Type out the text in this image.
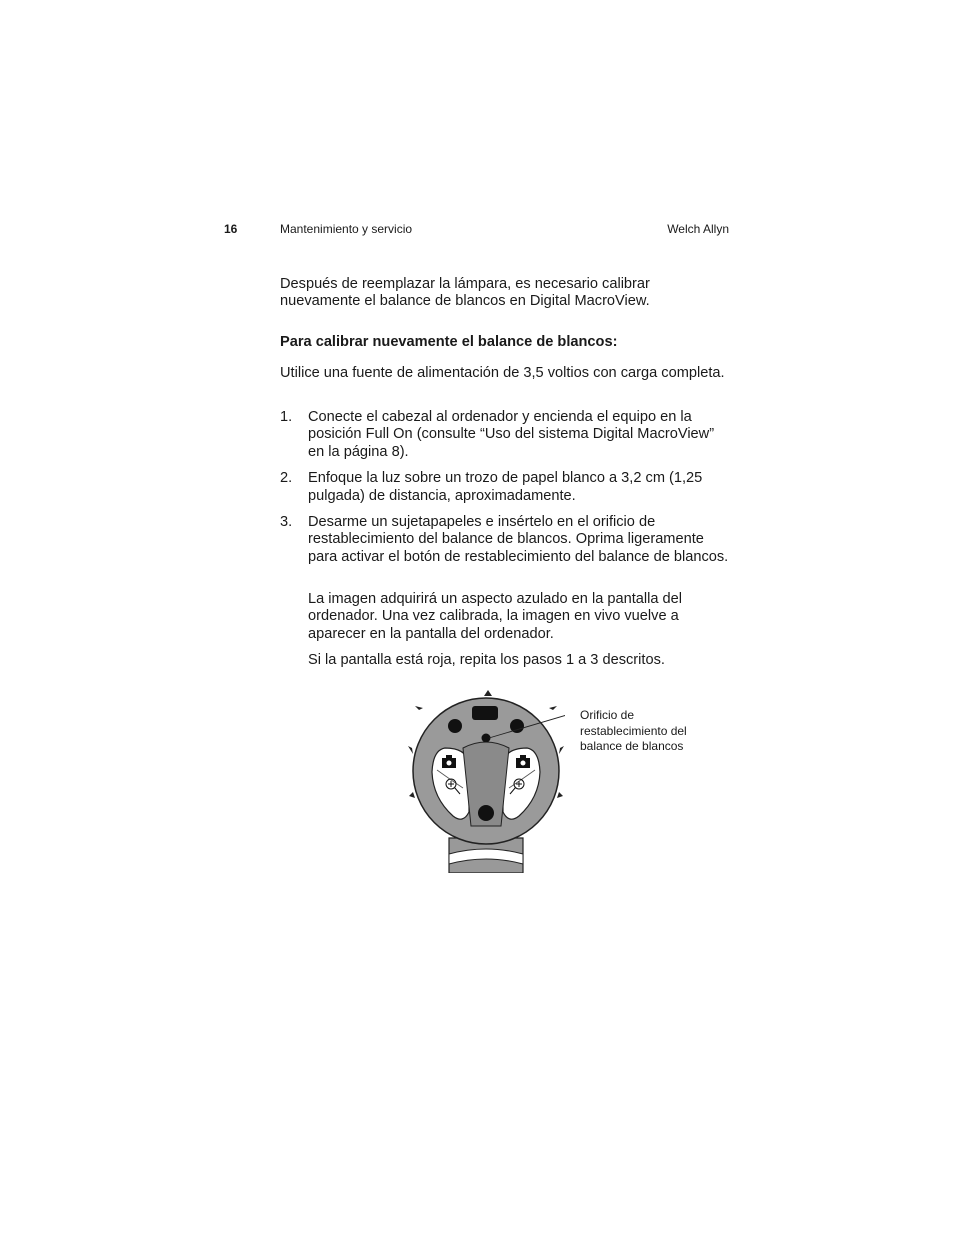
16	Mantenimiento y servicio	Welch Allyn
Después de reemplazar la lámpara, es necesario calibrar nuevamente el balance de blancos en Digital MacroView.
Para calibrar nuevamente el balance de blancos:
Utilice una fuente de alimentación de 3,5 voltios con carga completa.
1. Conecte el cabezal al ordenador y encienda el equipo en la posición Full On (consulte “Uso del sistema Digital MacroView” en la página 8).
2. Enfoque la luz sobre un trozo de papel blanco a 3,2 cm (1,25 pulgada) de distancia, aproximadamente.
3. Desarme un sujetapapeles e insértelo en el orificio de restablecimiento del balance de blancos. Oprima ligeramente para activar el botón de restablecimiento del balance de blancos.
La imagen adquirirá un aspecto azulado en la pantalla del ordenador. Una vez calibrada, la imagen en vivo vuelve a aparecer en la pantalla del ordenador.
Si la pantalla está roja, repita los pasos 1 a 3 descritos.
Orificio de restablecimiento del balance de blancos
